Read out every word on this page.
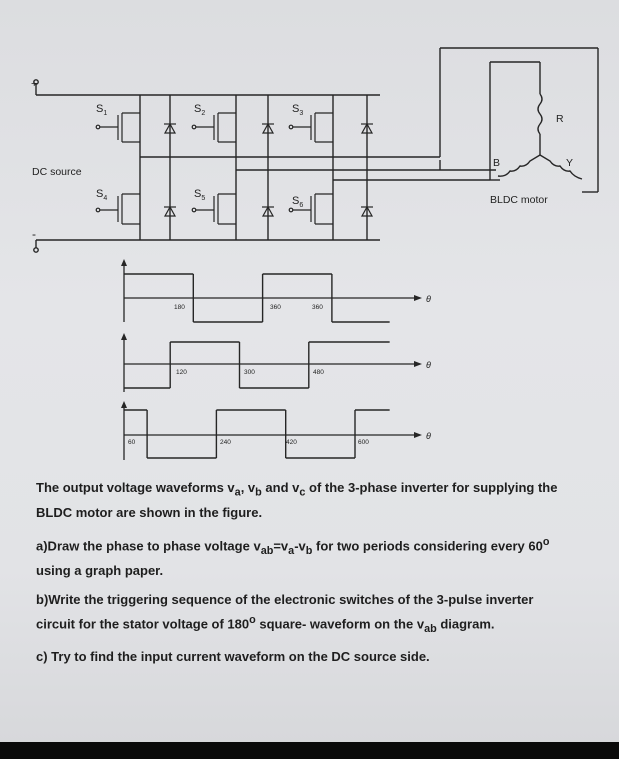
+
-
DC source
BLDC motor
R
B	Y
$S_1$	$S_2$	$S_3$
$S_4$	$S_5$	$S_6$
θ
θ
θ
180	360	360
120	300	480
60	240	420	600

The output voltage waveforms $v_a$, $v_b$ and $v_c$ of the 3-phase inverter for supplying the BLDC motor are shown in the figure.

a)Draw the phase to phase voltage $v_{ab}=v_a-v_b$ for two periods considering every 60$^o$ using a graph paper.

b)Write the triggering sequence of the electronic switches of the 3-pulse inverter circuit for the stator voltage of 180$^o$ square- waveform on the $v_{ab}$ diagram.

c) Try to find the input current waveform on the DC source side.
